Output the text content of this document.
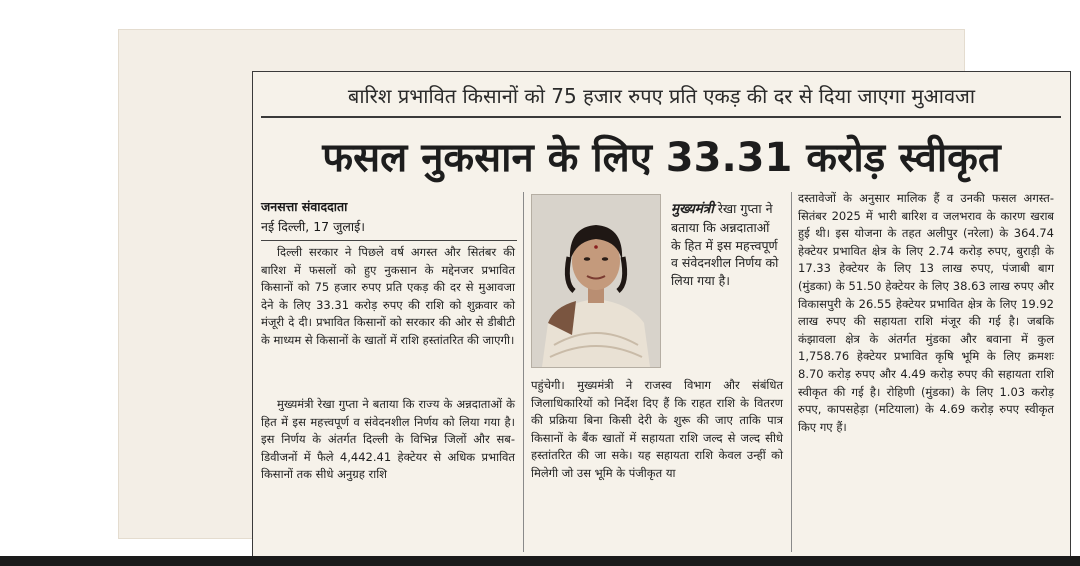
बारिश प्रभावित किसानों को 75 हजार रुपए प्रति एकड़ की दर से दिया जाएगा मुआवजा
फसल नुकसान के लिए 33.31 करोड़ स्वीकृत
जनसत्ता संवाददाता
नई दिल्ली, 17 जुलाई।

दिल्ली सरकार ने पिछले वर्ष अगस्त और सितंबर की बारिश में फसलों को हुए नुकसान के मद्देनजर प्रभावित किसानों को 75 हजार रुपए प्रति एकड़ की दर से मुआवजा देने के लिए 33.31 करोड़ रुपए की राशि को शुक्रवार को मंजूरी दे दी। प्रभावित किसानों को सरकार की ओर से डीबीटी के माध्यम से किसानों के खातों में राशि हस्तांतरित की जाएगी।

मुख्यमंत्री रेखा गुप्ता ने बताया कि राज्य के अन्नदाताओं के हित में इस महत्त्वपूर्ण व संवेदनशील निर्णय को लिया गया है। इस निर्णय के अंतर्गत दिल्ली के विभिन्न जिलों और सब-डिवीजनों में फैले 4,442.41 हेक्टेयर से अधिक प्रभावित किसानों तक सीधे अनुग्रह राशि

मुख्यमंत्री रेखा गुप्ता ने बताया कि अन्नदाताओं के हित में इस महत्त्वपूर्ण व संवेदनशील निर्णय को लिया गया है।

पहुंचेगी। मुख्यमंत्री ने राजस्व विभाग और संबंधित जिलाधिकारियों को निर्देश दिए हैं कि राहत राशि के वितरण की प्रक्रिया बिना किसी देरी के शुरू की जाए ताकि पात्र किसानों के बैंक खातों में सहायता राशि जल्द से जल्द सीधे हस्तांतरित की जा सके। यह सहायता राशि केवल उन्हीं को मिलेगी जो उस भूमि के पंजीकृत या

दस्तावेजों के अनुसार मालिक हैं व उनकी फसल अगस्त-सितंबर 2025 में भारी बारिश व जलभराव के कारण खराब हुई थी। इस योजना के तहत अलीपुर (नरेला) के 364.74 हेक्टेयर प्रभावित क्षेत्र के लिए 2.74 करोड़ रुपए, बुराड़ी के 17.33 हेक्टेयर के लिए 13 लाख रुपए, पंजाबी बाग (मुंडका) के 51.50 हेक्टेयर के लिए 38.63 लाख रुपए और विकासपुरी के 26.55 हेक्टेयर प्रभावित क्षेत्र के लिए 19.92 लाख रुपए की सहायता राशि मंजूर की गई है। जबकि कंझावला क्षेत्र के अंतर्गत मुंडका और बवाना में कुल 1,758.76 हेक्टेयर प्रभावित कृषि भूमि के लिए क्रमशः 8.70 करोड़ रुपए और 4.49 करोड़ रुपए की सहायता राशि स्वीकृत की गई है। रोहिणी (मुंडका) के लिए 1.03 करोड़ रुपए, कापसहेड़ा (मटियाला) के 4.69 करोड़ रुपए स्वीकृत किए गए हैं।
